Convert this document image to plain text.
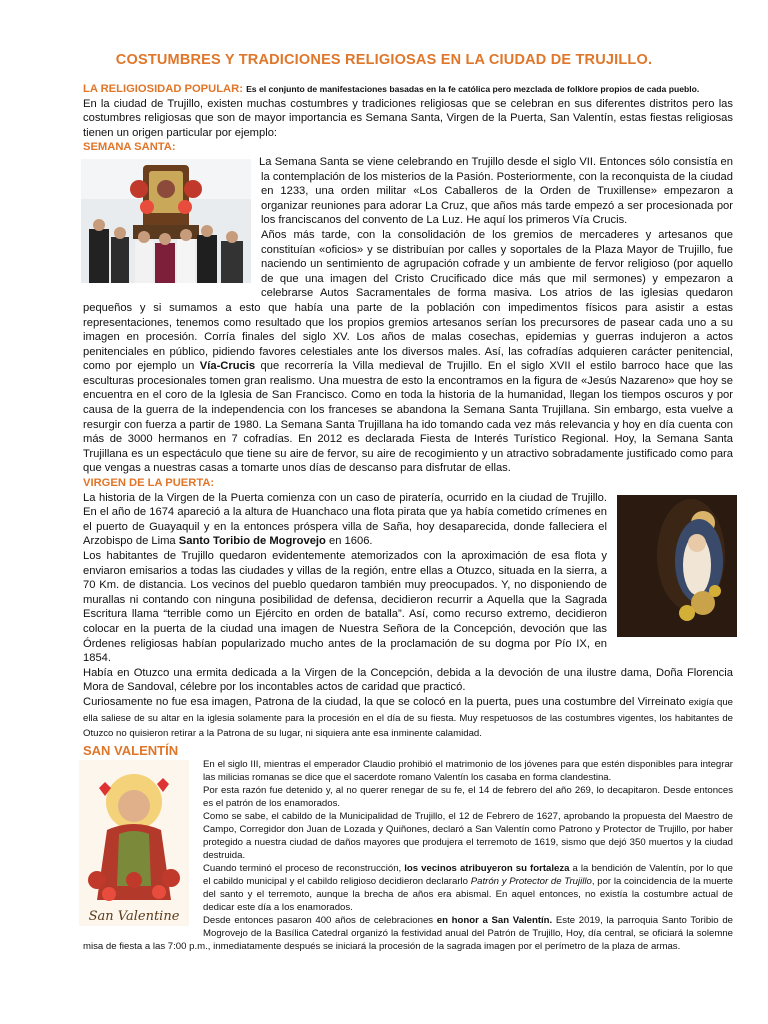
COSTUMBRES Y TRADICIONES RELIGIOSAS EN LA CIUDAD DE TRUJILLO.

LA RELIGIOSIDAD POPULAR: Es el conjunto de manifestaciones basadas en la fe católica pero mezclada de folklore propios de cada pueblo.

En la ciudad de Trujillo, existen muchas costumbres y tradiciones religiosas que se celebran en sus diferentes distritos pero las costumbres religiosas que son de mayor importancia es Semana Santa, Virgen de la Puerta, San Valentín, estas fiestas religiosas tienen un origen particular por ejemplo:

SEMANA SANTA:

La Semana Santa se viene celebrando en Trujillo desde el siglo VII. Entonces sólo consistía en la contemplación de los misterios de la Pasión. Posteriormente, con la reconquista de la ciudad en 1233, una orden militar «Los Caballeros de la Orden de Truxillense» empezaron a organizar reuniones para adorar La Cruz, que años más tarde empezó a ser procesionada por los franciscanos del convento de La Luz. He aquí los primeros Vía Crucis.

Años más tarde, con la consolidación de los gremios de mercaderes y artesanos que constituían «oficios» y se distribuían por calles y soportales de la Plaza Mayor de Trujillo, fue naciendo un sentimiento de agrupación cofrade y un ambiente de fervor religioso (por aquello de que una imagen del Cristo Crucificado dice más que mil sermones) y empezaron a celebrarse Autos Sacramentales de forma masiva. Los atrios de las iglesias quedaron pequeños y si sumamos a esto que había una parte de la población con impedimentos físicos para asistir a estas representaciones, tenemos como resultado que los propios gremios artesanos serían los precursores de pasear cada uno a su imagen en procesión. Corría finales del siglo XV. Los años de malas cosechas, epidemias y guerras indujeron a actos penitenciales en público, pidiendo favores celestiales ante los diversos males. Así, las cofradías adquieren carácter penitencial, como por ejemplo un Vía-Crucis que recorrería la Villa medieval de Trujillo. En el siglo XVII el estilo barroco hace que las esculturas procesionales tomen gran realismo. Una muestra de esto la encontramos en la figura de «Jesús Nazareno» que hoy se encuentra en el coro de la Iglesia de San Francisco. Como en toda la historia de la humanidad, llegan los tiempos oscuros y por causa de la guerra de la independencia con los franceses se abandona la Semana Santa Trujillana. Sin embargo, esta vuelve a resurgir con fuerza a partir de 1980. La Semana Santa Trujillana ha ido tomando cada vez más relevancia y hoy en día cuenta con más de 3000 hermanos en 7 cofradías. En 2012 es declarada Fiesta de Interés Turístico Regional. Hoy, la Semana Santa Trujillana es un espectáculo que tiene su aire de fervor, su aire de recogimiento y un atractivo sobradamente justificado como para que vengas a nuestras casas a tomarte unos días de descanso para disfrutar de ellas.

VIRGEN DE LA PUERTA:

La historia de la Virgen de la Puerta comienza con un caso de piratería, ocurrido en la ciudad de Trujillo. En el año de 1674 apareció a la altura de Huanchaco una flota pirata que ya había cometido crímenes en el puerto de Guayaquil y en la entonces próspera villa de Saña, hoy desaparecida, donde falleciera el Arzobispo de Lima Santo Toribio de Mogrovejo en 1606.

Los habitantes de Trujillo quedaron evidentemente atemorizados con la aproximación de esa flota y enviaron emisarios a todas las ciudades y villas de la región, entre ellas a Otuzco, situada en la sierra, a 70 Km. de distancia. Los vecinos del pueblo quedaron también muy preocupados. Y, no disponiendo de murallas ni contando con ninguna posibilidad de defensa, decidieron recurrir a Aquella que la Sagrada Escritura llama “terrible como un Ejército en orden de batalla”. Así, como recurso extremo, decidieron colocar en la puerta de la ciudad una imagen de Nuestra Señora de la Concepción, devoción que las Órdenes religiosas habían popularizado mucho antes de la proclamación de su dogma por Pío IX, en 1854.

Había en Otuzco una ermita dedicada a la Virgen de la Concepción, debida a la devoción de una ilustre dama, Doña Florencia Mora de Sandoval, célebre por los incontables actos de caridad que practicó.

Curiosamente no fue esa imagen, Patrona de la ciudad, la que se colocó en la puerta, pues una costumbre del Virreinato exigía que ella saliese de su altar en la iglesia solamente para la procesión en el día de su fiesta. Muy respetuosos de las costumbres vigentes, los habitantes de Otuzco no quisieron retirar a la Patrona de su lugar, ni siquiera ante esa inminente calamidad.

SAN VALENTÍN
San Valentine

En el siglo III, mientras el emperador Claudio prohibió el matrimonio de los jóvenes para que estén disponibles para integrar las milicias romanas se dice que el sacerdote romano Valentín los casaba en forma clandestina.

Por esta razón fue detenido y, al no querer renegar de su fe, el 14 de febrero del año 269, lo decapitaron. Desde entonces es el patrón de los enamorados.

Como se sabe, el cabildo de la Municipalidad de Trujillo, el 12 de Febrero de 1627, aprobando la propuesta del Maestro de Campo, Corregidor don Juan de Lozada y Quiñones, declaró a San Valentín como Patrono y Protector de Trujillo, por haber protegido a nuestra ciudad de daños mayores que produjera el terremoto de 1619, sismo que dejó 350 muertos y la ciudad destruida.

Cuando terminó el proceso de reconstrucción, los vecinos atribuyeron su fortaleza a la bendición de Valentín, por lo que el cabildo municipal y el cabildo religioso decidieron declararlo Patrón y Protector de Trujillo, por la coincidencia de la muerte del santo y el terremoto, aunque la brecha de años era abismal. En aquel entonces, no existía la costumbre actual de dedicar este día a los enamorados.

Desde entonces pasaron 400 años de celebraciones en honor a San Valentín. Este 2019, la parroquia Santo Toribio de Mogrovejo de la Basílica Catedral organizó la festividad anual del Patrón de Trujillo, Hoy, día central, se oficiará la solemne misa de fiesta a las 7:00 p.m., inmediatamente después se iniciará la procesión de la sagrada imagen por el perímetro de la plaza de armas.
